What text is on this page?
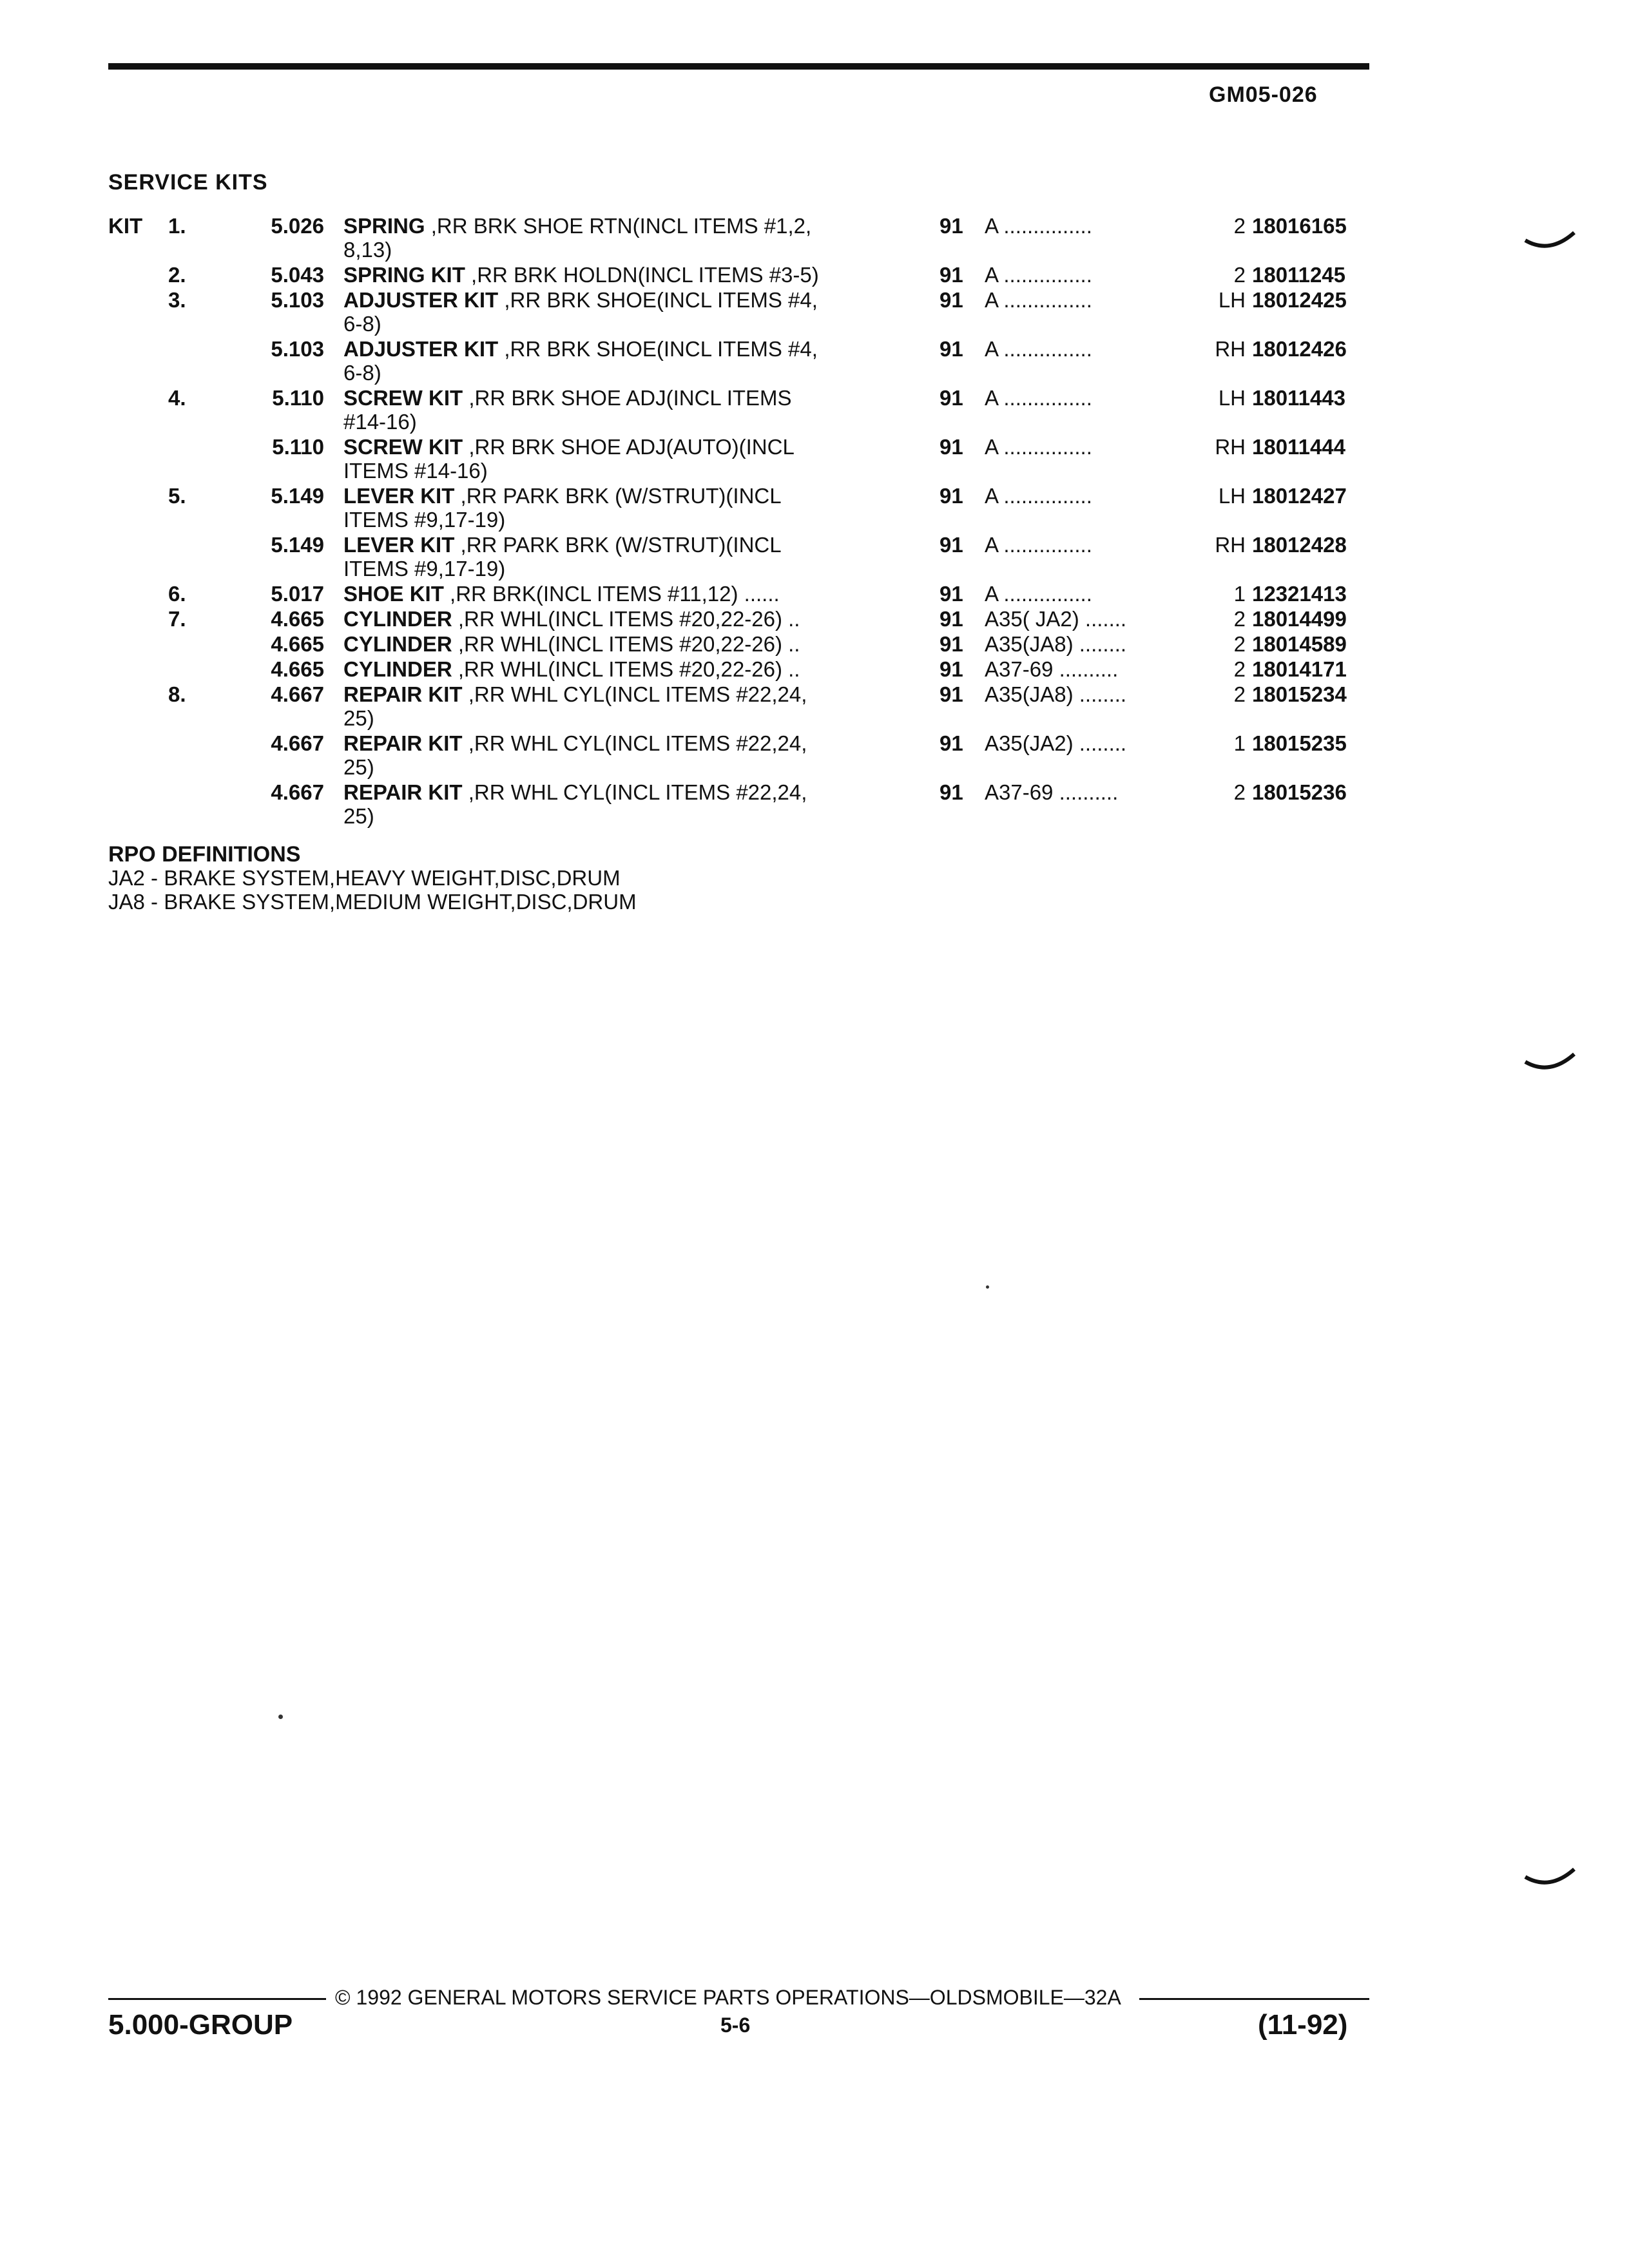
GM05-026
SERVICE KITS
KIT	1.	5.026	SPRING ,RR BRK SHOE RTN(INCL ITEMS #1,2,
8,13)	91	A ...............	2	18016165
	2.	5.043	SPRING KIT ,RR BRK HOLDN(INCL ITEMS #3-5)	91	A ...............	2	18011245
	3.	5.103	ADJUSTER KIT ,RR BRK SHOE(INCL ITEMS #4,
6-8)	91	A ...............	LH	18012425
		5.103	ADJUSTER KIT ,RR BRK SHOE(INCL ITEMS #4,
6-8)	91	A ...............	RH	18012426
	4.	5.110	SCREW KIT ,RR BRK SHOE ADJ(INCL ITEMS
#14-16)	91	A ...............	LH	18011443
		5.110	SCREW KIT ,RR BRK SHOE ADJ(AUTO)(INCL
ITEMS #14-16)	91	A ...............	RH	18011444
	5.	5.149	LEVER KIT ,RR PARK BRK (W/STRUT)(INCL
ITEMS #9,17-19)	91	A ...............	LH	18012427
		5.149	LEVER KIT ,RR PARK BRK (W/STRUT)(INCL
ITEMS #9,17-19)	91	A ...............	RH	18012428
	6.	5.017	SHOE KIT ,RR BRK(INCL ITEMS #11,12) ......	91	A ...............	1	12321413
	7.	4.665	CYLINDER ,RR WHL(INCL ITEMS #20,22-26) ..	91	A35( JA2) .......	2	18014499
		4.665	CYLINDER ,RR WHL(INCL ITEMS #20,22-26) ..	91	A35(JA8) ........	2	18014589
		4.665	CYLINDER ,RR WHL(INCL ITEMS #20,22-26) ..	91	A37-69 ..........	2	18014171
	8.	4.667	REPAIR KIT ,RR WHL CYL(INCL ITEMS #22,24,
25)	91	A35(JA8) ........	2	18015234
		4.667	REPAIR KIT ,RR WHL CYL(INCL ITEMS #22,24,
25)	91	A35(JA2) ........	1	18015235
		4.667	REPAIR KIT ,RR WHL CYL(INCL ITEMS #22,24,
25)	91	A37-69 ..........	2	18015236
RPO DEFINITIONS
JA2 - BRAKE SYSTEM,HEAVY WEIGHT,DISC,DRUM
JA8 - BRAKE SYSTEM,MEDIUM WEIGHT,DISC,DRUM
© 1992 GENERAL MOTORS SERVICE PARTS OPERATIONS—OLDSMOBILE—32A
5.000-GROUP	5-6	(11-92)
